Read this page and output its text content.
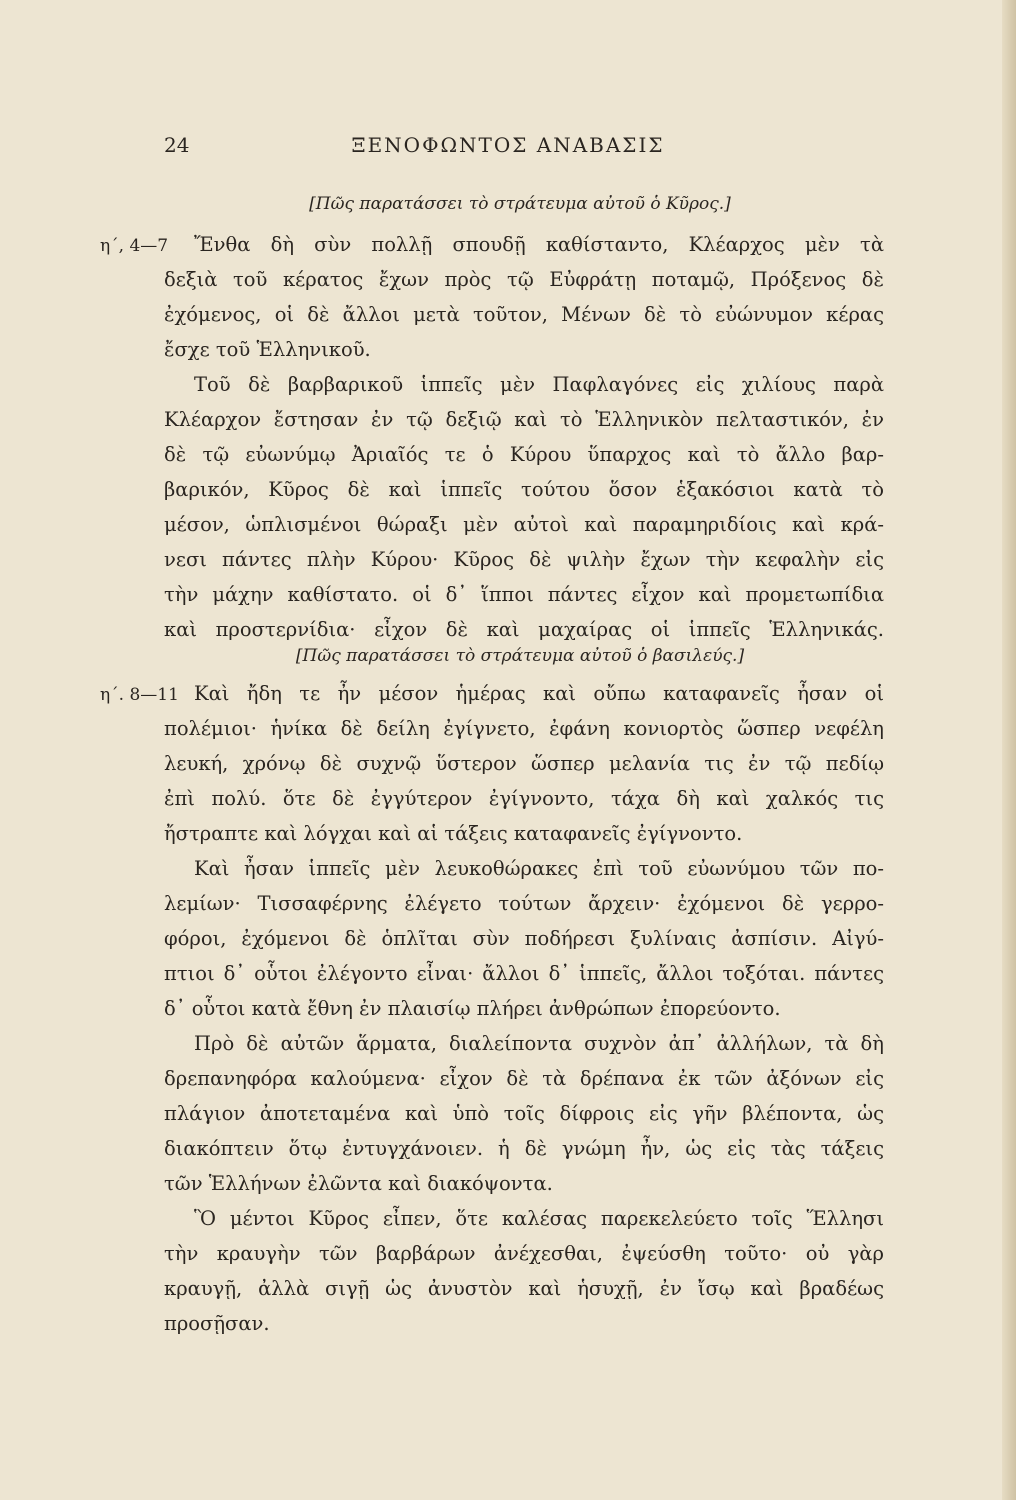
24	ΞΕΝΟΦΩΝΤΟΣ ΑΝΑΒΑΣΙΣ
[Πῶς παρατάσσει τὸ στράτευμα αὐτοῦ ὁ Κῦρος.]
η΄, 4—7 Ἔνθα δὴ σὺν πολλῇ σπουδῇ καθίσταντο, Κλέαρχος μὲν τὰ
δεξιὰ τοῦ κέρατος ἔχων πρὸς τῷ Εὐφράτῃ ποταμῷ, Πρόξενος δὲ
ἐχόμενος, οἱ δὲ ἄλλοι μετὰ τοῦτον, Μένων δὲ τὸ εὐώνυμον κέρας
ἔσχε τοῦ Ἑλληνικοῦ.
Τοῦ δὲ βαρβαρικοῦ ἱππεῖς μὲν Παφλαγόνες εἰς χιλίους παρὰ
Κλέαρχον ἔστησαν ἐν τῷ δεξιῷ καὶ τὸ Ἑλληνικὸν πελταστικόν, ἐν
δὲ τῷ εὐωνύμῳ Ἀριαῖός τε ὁ Κύρου ὕπαρχος καὶ τὸ ἄλλο βαρ-
βαρικόν, Κῦρος δὲ καὶ ἱππεῖς τούτου ὅσον ἑξακόσιοι κατὰ τὸ
μέσον, ὡπλισμένοι θώραξι μὲν αὐτοὶ καὶ παραμηριδίοις καὶ κρά-
νεσι πάντες πλὴν Κύρου· Κῦρος δὲ ψιλὴν ἔχων τὴν κεφαλὴν εἰς
τὴν μάχην καθίστατο. οἱ δ᾽ ἵπποι πάντες εἶχον καὶ προμετωπίδια
καὶ προστερνίδια· εἶχον δὲ καὶ μαχαίρας οἱ ἱππεῖς Ἑλληνικάς.
[Πῶς παρατάσσει τὸ στράτευμα αὐτοῦ ὁ βασιλεύς.]
η΄. 8—11 Καὶ ἤδη τε ἦν μέσον ἡμέρας καὶ οὔπω καταφανεῖς ἦσαν οἱ
πολέμιοι· ἡνίκα δὲ δείλη ἐγίγνετο, ἐφάνη κονιορτὸς ὥσπερ νεφέλη
λευκή, χρόνῳ δὲ συχνῷ ὕστερον ὥσπερ μελανία τις ἐν τῷ πεδίῳ
ἐπὶ πολύ. ὅτε δὲ ἐγγύτερον ἐγίγνοντο, τάχα δὴ καὶ χαλκός τις
ἤστραπτε καὶ λόγχαι καὶ αἱ τάξεις καταφανεῖς ἐγίγνοντο.
Καὶ ἦσαν ἱππεῖς μὲν λευκοθώρακες ἐπὶ τοῦ εὐωνύμου τῶν πο-
λεμίων· Τισσαφέρνης ἐλέγετο τούτων ἄρχειν· ἐχόμενοι δὲ γερρο-
φόροι, ἐχόμενοι δὲ ὁπλῖται σὺν ποδήρεσι ξυλίναις ἀσπίσιν. Αἰγύ-
πτιοι δ᾽ οὗτοι ἐλέγοντο εἶναι· ἄλλοι δ᾽ ἱππεῖς, ἄλλοι τοξόται. πάντες
δ᾽ οὗτοι κατὰ ἔθνη ἐν πλαισίῳ πλήρει ἀνθρώπων ἐπορεύοντο.
Πρὸ δὲ αὐτῶν ἅρματα, διαλείποντα συχνὸν ἀπ᾽ ἀλλήλων, τὰ δὴ
δρεπανηφόρα καλούμενα· εἶχον δὲ τὰ δρέπανα ἐκ τῶν ἀξόνων εἰς
πλάγιον ἀποτεταμένα καὶ ὑπὸ τοῖς δίφροις εἰς γῆν βλέποντα, ὡς
διακόπτειν ὅτῳ ἐντυγχάνοιεν. ἡ δὲ γνώμη ἦν, ὡς εἰς τὰς τάξεις
τῶν Ἑλλήνων ἐλῶντα καὶ διακόψοντα.
Ὃ μέντοι Κῦρος εἶπεν, ὅτε καλέσας παρεκελεύετο τοῖς Ἕλλησι
τὴν κραυγὴν τῶν βαρβάρων ἀνέχεσθαι, ἐψεύσθη τοῦτο· οὐ γὰρ
κραυγῇ, ἀλλὰ σιγῇ ὡς ἀνυστὸν καὶ ἡσυχῇ, ἐν ἴσῳ καὶ βραδέως
προσῇσαν.
